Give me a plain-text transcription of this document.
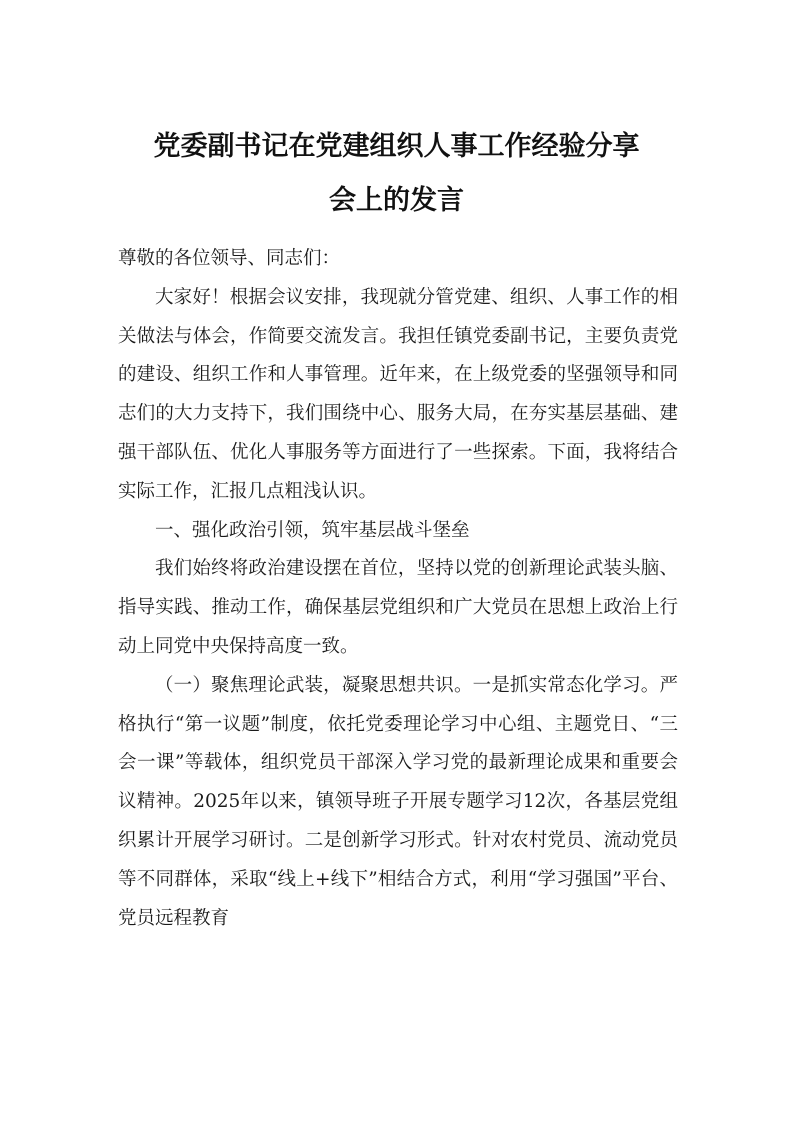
党委副书记在党建组织人事工作经验分享
会上的发言

尊敬的各位领导、同志们：

大家好！根据会议安排，我现就分管党建、组织、人事工作的相关做法与体会，作简要交流发言。我担任镇党委副书记，主要负责党的建设、组织工作和人事管理。近年来，在上级党委的坚强领导和同志们的大力支持下，我们围绕中心、服务大局，在夯实基层基础、建强干部队伍、优化人事服务等方面进行了一些探索。下面，我将结合实际工作，汇报几点粗浅认识。

一、强化政治引领，筑牢基层战斗堡垒

我们始终将政治建设摆在首位，坚持以党的创新理论武装头脑、指导实践、推动工作，确保基层党组织和广大党员在思想上政治上行动上同党中央保持高度一致。

（一）聚焦理论武装，凝聚思想共识。一是抓实常态化学习。严格执行“第一议题”制度，依托党委理论学习中心组、主题党日、“三会一课”等载体，组织党员干部深入学习党的最新理论成果和重要会议精神。2025年以来，镇领导班子开展专题学习12次，各基层党组织累计开展学习研讨。二是创新学习形式。针对农村党员、流动党员等不同群体，采取“线上+线下”相结合方式，利用“学习强国”平台、党员远程教育
